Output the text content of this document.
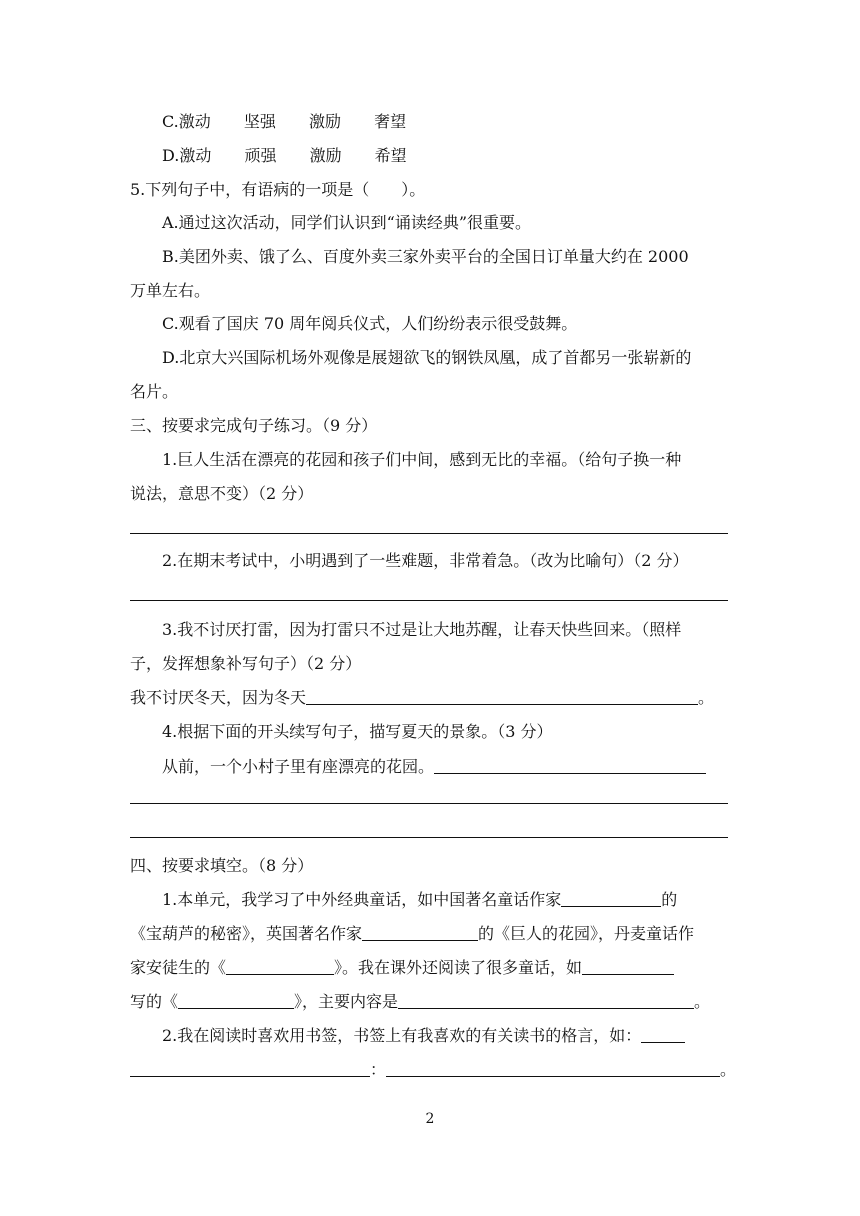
C.激动 坚强 激励 奢望
D.激动 顽强 激励 希望
5.下列句子中，有语病的一项是（　　）。
A.通过这次活动，同学们认识到“诵读经典”很重要。
B.美团外卖、饿了么、百度外卖三家外卖平台的全国日订单量大约在 2000
万单左右。
C.观看了国庆 70 周年阅兵仪式，人们纷纷表示很受鼓舞。
D.北京大兴国际机场外观像是展翅欲飞的钢铁凤凰，成了首都另一张崭新的
名片。
三、按要求完成句子练习。（9 分）
1.巨人生活在漂亮的花园和孩子们中间，感到无比的幸福。（给句子换一种
说法，意思不变）（2 分）
2.在期末考试中，小明遇到了一些难题，非常着急。（改为比喻句）（2 分）
3.我不讨厌打雷，因为打雷只不过是让大地苏醒，让春天快些回来。（照样
子，发挥想象补写句子）（2 分）
我不讨厌冬天，因为冬天	。
4.根据下面的开头续写句子，描写夏天的景象。（3 分）
从前，一个小村子里有座漂亮的花园。
四、按要求填空。（8 分）
1.本单元，我学习了中外经典童话，如中国著名童话作家	的
《宝葫芦的秘密》，英国著名作家	的《巨人的花园》，丹麦童话作
家安徒生的《	》。我在课外还阅读了很多童话，如
写的《	》，主要内容是	。
2.我在阅读时喜欢用书签，书签上有我喜欢的有关读书的格言，如：
：	。
2
